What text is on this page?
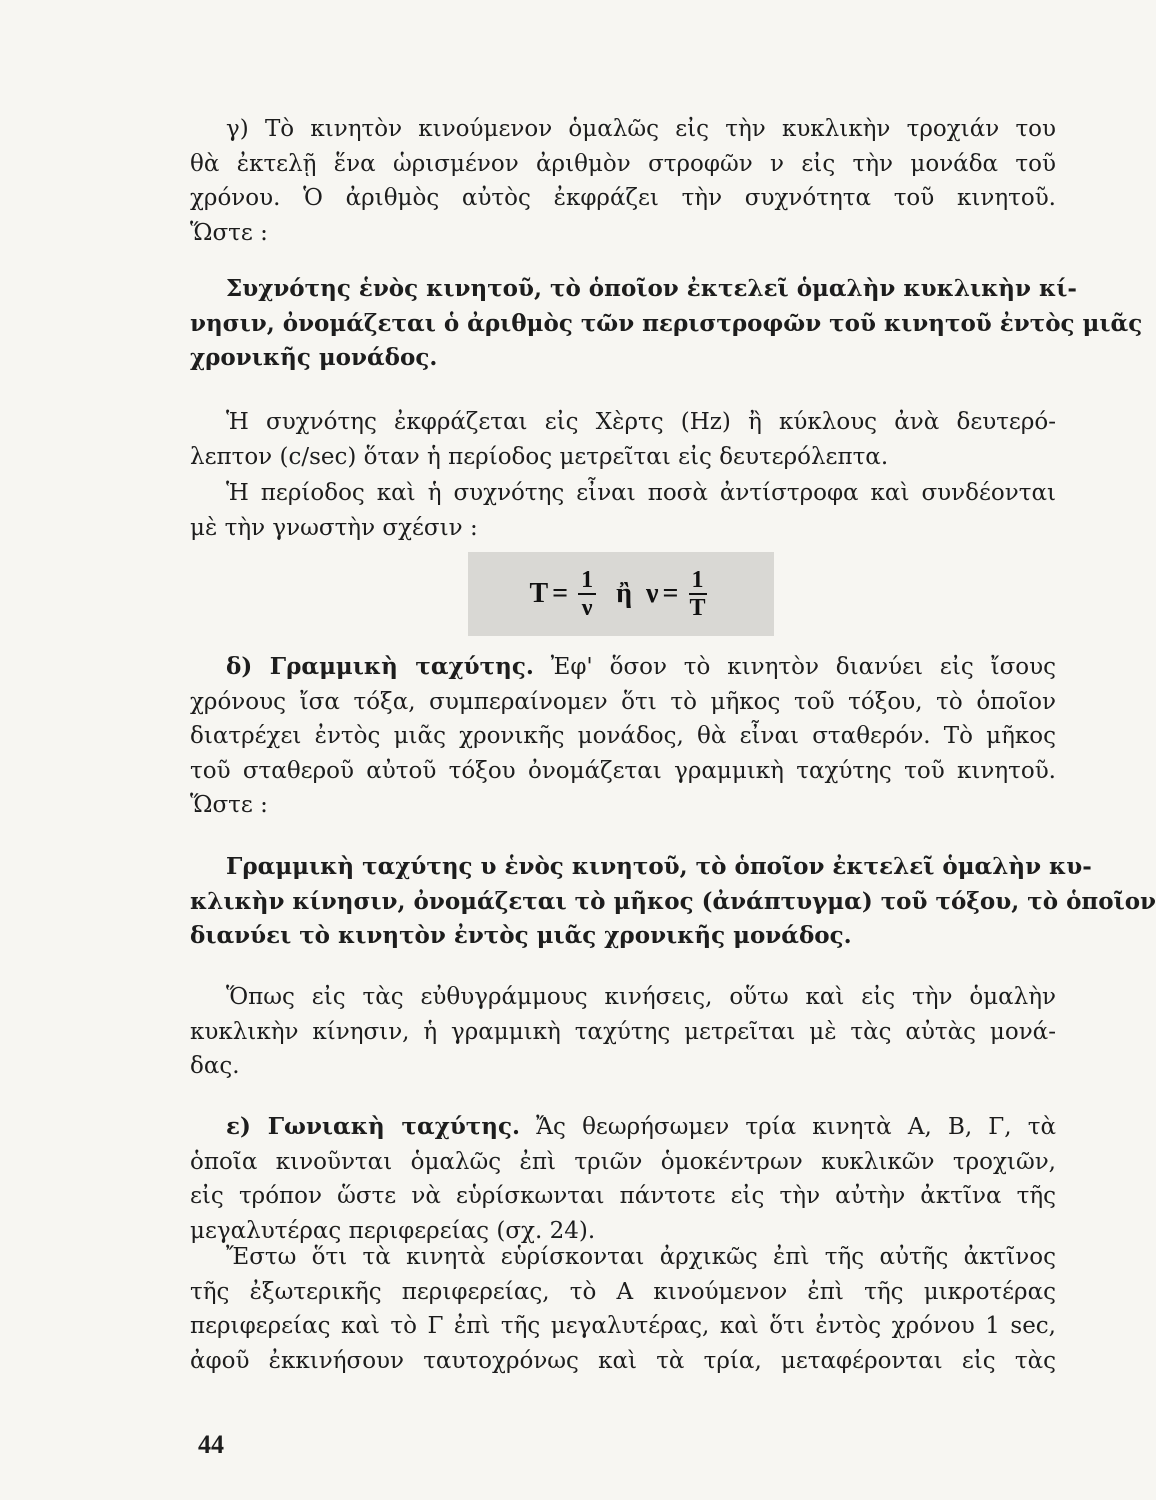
γ) Τὸ κινητὸν κινούμενον ὁμαλῶς εἰς τὴν κυκλικὴν τροχιάν του
θὰ ἐκτελῇ ἕνα ὡρισμένον ἀριθμὸν στροφῶν ν εἰς τὴν μονάδα τοῦ
χρόνου. Ὁ ἀριθμὸς αὐτὸς ἐκφράζει τὴν συχνότητα τοῦ κινητοῦ.
Ὥστε :
Συχνότης ἑνὸς κινητοῦ, τὸ ὁποῖον ἐκτελεῖ ὁμαλὴν κυκλικὴν κί-
νησιν, ὀνομάζεται ὁ ἀριθμὸς τῶν περιστροφῶν τοῦ κινητοῦ ἐντὸς μιᾶς
χρονικῆς μονάδος.
Ἡ συχνότης ἐκφράζεται εἰς Χὲρτς (Hz) ἢ κύκλους ἀνὰ δευτερό-
λεπτον (c/sec) ὅταν ἡ περίοδος μετρεῖται εἰς δευτερόλεπτα.
Ἡ περίοδος καὶ ἡ συχνότης εἶναι ποσὰ ἀντίστροφα καὶ συνδέονται
μὲ τὴν γνωστὴν σχέσιν :
$T = \frac{1}{\nu}$ ἢ $\nu = \frac{1}{T}$
δ) Γραμμικὴ ταχύτης. Ἐφ' ὅσον τὸ κινητὸν διανύει εἰς ἴσους
χρόνους ἴσα τόξα, συμπεραίνομεν ὅτι τὸ μῆκος τοῦ τόξου, τὸ ὁποῖον
διατρέχει ἐντὸς μιᾶς χρονικῆς μονάδος, θὰ εἶναι σταθερόν. Τὸ μῆκος
τοῦ σταθεροῦ αὐτοῦ τόξου ὀνομάζεται γραμμικὴ ταχύτης τοῦ κινητοῦ.
Ὥστε :
Γραμμικὴ ταχύτης υ ἑνὸς κινητοῦ, τὸ ὁποῖον ἐκτελεῖ ὁμαλὴν κυ-
κλικὴν κίνησιν, ὀνομάζεται τὸ μῆκος (ἀνάπτυγμα) τοῦ τόξου, τὸ ὁποῖον
διανύει τὸ κινητὸν ἐντὸς μιᾶς χρονικῆς μονάδος.
Ὅπως εἰς τὰς εὐθυγράμμους κινήσεις, οὕτω καὶ εἰς τὴν ὁμαλὴν
κυκλικὴν κίνησιν, ἡ γραμμικὴ ταχύτης μετρεῖται μὲ τὰς αὐτὰς μονά-
δας.
ε) Γωνιακὴ ταχύτης. Ἄς θεωρήσωμεν τρία κινητὰ Α, Β, Γ, τὰ
ὁποῖα κινοῦνται ὁμαλῶς ἐπὶ τριῶν ὁμοκέντρων κυκλικῶν τροχιῶν,
εἰς τρόπον ὥστε νὰ εὑρίσκωνται πάντοτε εἰς τὴν αὐτὴν ἀκτῖνα τῆς
μεγαλυτέρας περιφερείας (σχ. 24).
Ἔστω ὅτι τὰ κινητὰ εὑρίσκονται ἀρχικῶς ἐπὶ τῆς αὐτῆς ἀκτῖνος
τῆς ἐξωτερικῆς περιφερείας, τὸ Α κινούμενον ἐπὶ τῆς μικροτέρας
περιφερείας καὶ τὸ Γ ἐπὶ τῆς μεγαλυτέρας, καὶ ὅτι ἐντὸς χρόνου 1 sec,
ἀφοῦ ἐκκινήσουν ταυτοχρόνως καὶ τὰ τρία, μεταφέρονται εἰς τὰς
44
